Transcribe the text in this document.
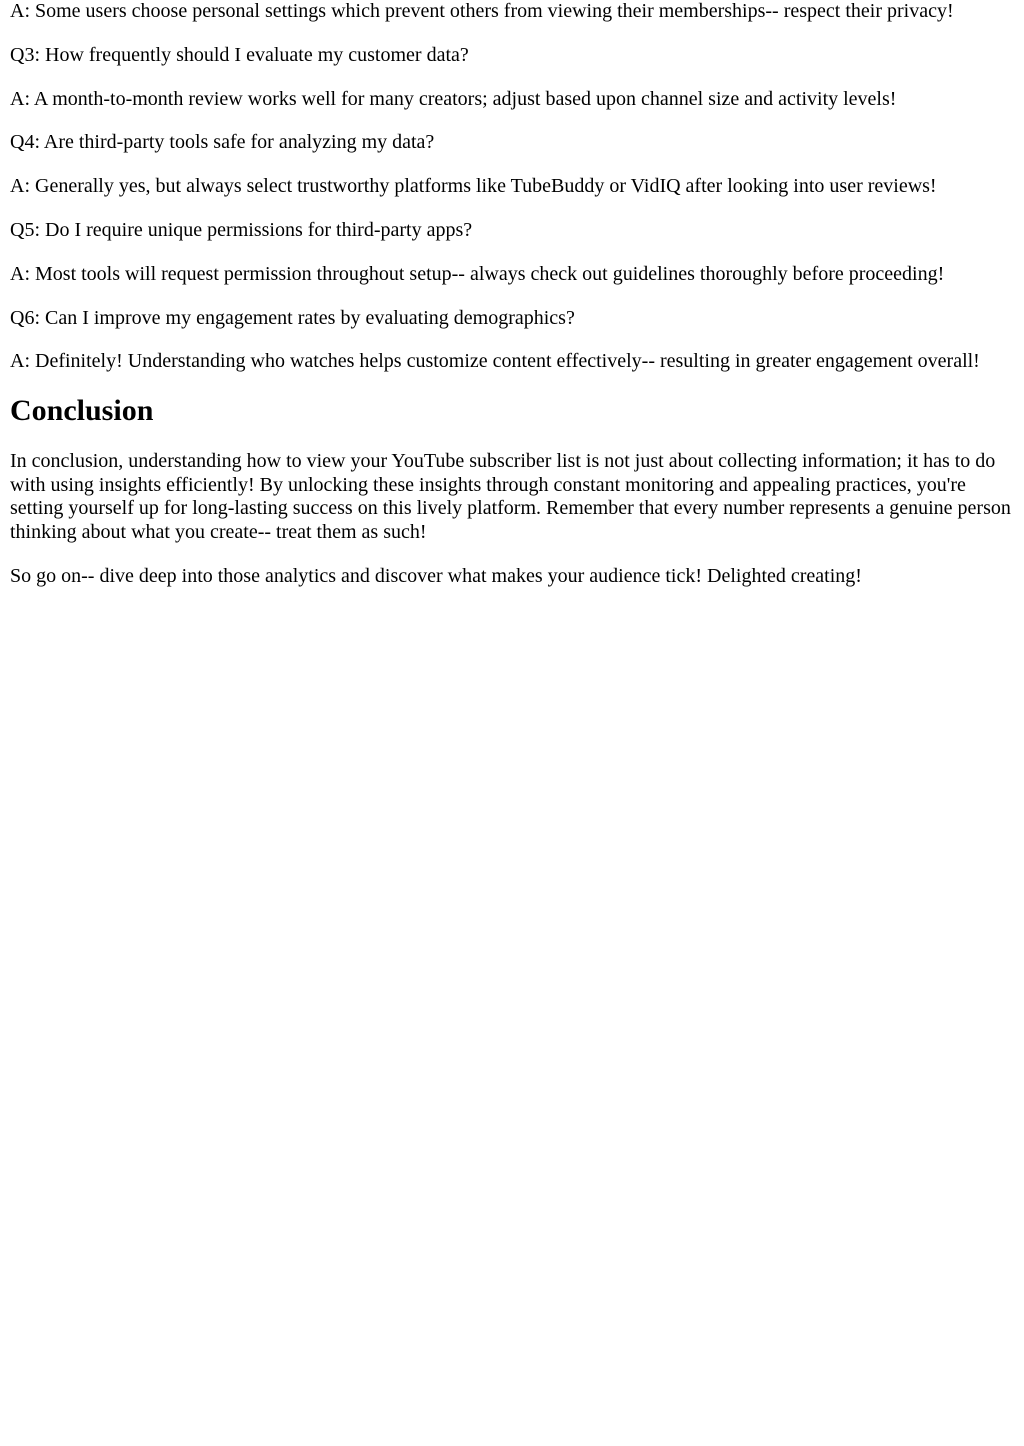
A: Some users choose personal settings which prevent others from viewing their memberships-- respect their privacy!

Q3: How frequently should I evaluate my customer data?

A: A month-to-month review works well for many creators; adjust based upon channel size and activity levels!

Q4: Are third-party tools safe for analyzing my data?

A: Generally yes, but always select trustworthy platforms like TubeBuddy or VidIQ after looking into user reviews!

Q5: Do I require unique permissions for third-party apps?

A: Most tools will request permission throughout setup-- always check out guidelines thoroughly before proceeding!

Q6: Can I improve my engagement rates by evaluating demographics?

A: Definitely! Understanding who watches helps customize content effectively-- resulting in greater engagement overall!

Conclusion

In conclusion, understanding how to view your YouTube subscriber list is not just about collecting information; it has to do with using insights efficiently! By unlocking these insights through constant monitoring and appealing practices, you're setting yourself up for long-lasting success on this lively platform. Remember that every number represents a genuine person thinking about what you create-- treat them as such!

So go on-- dive deep into those analytics and discover what makes your audience tick! Delighted creating!
